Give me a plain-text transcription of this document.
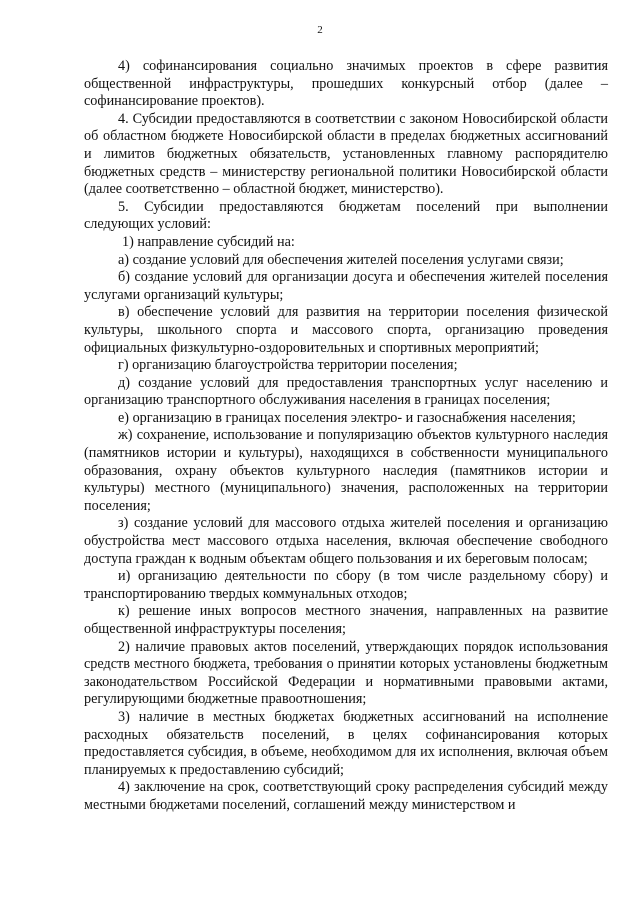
2

4) софинансирования социально значимых проектов в сфере развития общественной инфраструктуры, прошедших конкурсный отбор (далее – софинансирование проектов).

4. Субсидии предоставляются в соответствии с законом Новосибирской области об областном бюджете Новосибирской области в пределах бюджетных ассигнований и лимитов бюджетных обязательств, установленных главному распорядителю бюджетных средств – министерству региональной политики Новосибирской области (далее соответственно – областной бюджет, министерство).

5. Субсидии предоставляются бюджетам поселений при выполнении следующих условий:

1) направление субсидий на:

а) создание условий для обеспечения жителей поселения услугами связи;

б) создание условий для организации досуга и обеспечения жителей поселения услугами организаций культуры;

в) обеспечение условий для развития на территории поселения физической культуры, школьного спорта и массового спорта, организацию проведения официальных физкультурно-оздоровительных и спортивных мероприятий;

г) организацию благоустройства территории поселения;

д) создание условий для предоставления транспортных услуг населению и организацию транспортного обслуживания населения в границах поселения;

е) организацию в границах поселения электро- и газоснабжения населения;

ж) сохранение, использование и популяризацию объектов культурного наследия (памятников истории и культуры), находящихся в собственности муниципального образования, охрану объектов культурного наследия (памятников истории и культуры) местного (муниципального) значения, расположенных на территории поселения;

з) создание условий для массового отдыха жителей поселения и организацию обустройства мест массового отдыха населения, включая обеспечение свободного доступа граждан к водным объектам общего пользования и их береговым полосам;

и) организацию деятельности по сбору (в том числе раздельному сбору) и транспортированию твердых коммунальных отходов;

к) решение иных вопросов местного значения, направленных на развитие общественной инфраструктуры поселения;

2) наличие правовых актов поселений, утверждающих порядок использования средств местного бюджета, требования о принятии которых установлены бюджетным законодательством Российской Федерации и нормативными правовыми актами, регулирующими бюджетные правоотношения;

3) наличие в местных бюджетах бюджетных ассигнований на исполнение расходных обязательств поселений, в целях софинансирования которых предоставляется субсидия, в объеме, необходимом для их исполнения, включая объем планируемых к предоставлению субсидий;

4) заключение на срок, соответствующий сроку распределения субсидий между местными бюджетами поселений, соглашений между министерством и
